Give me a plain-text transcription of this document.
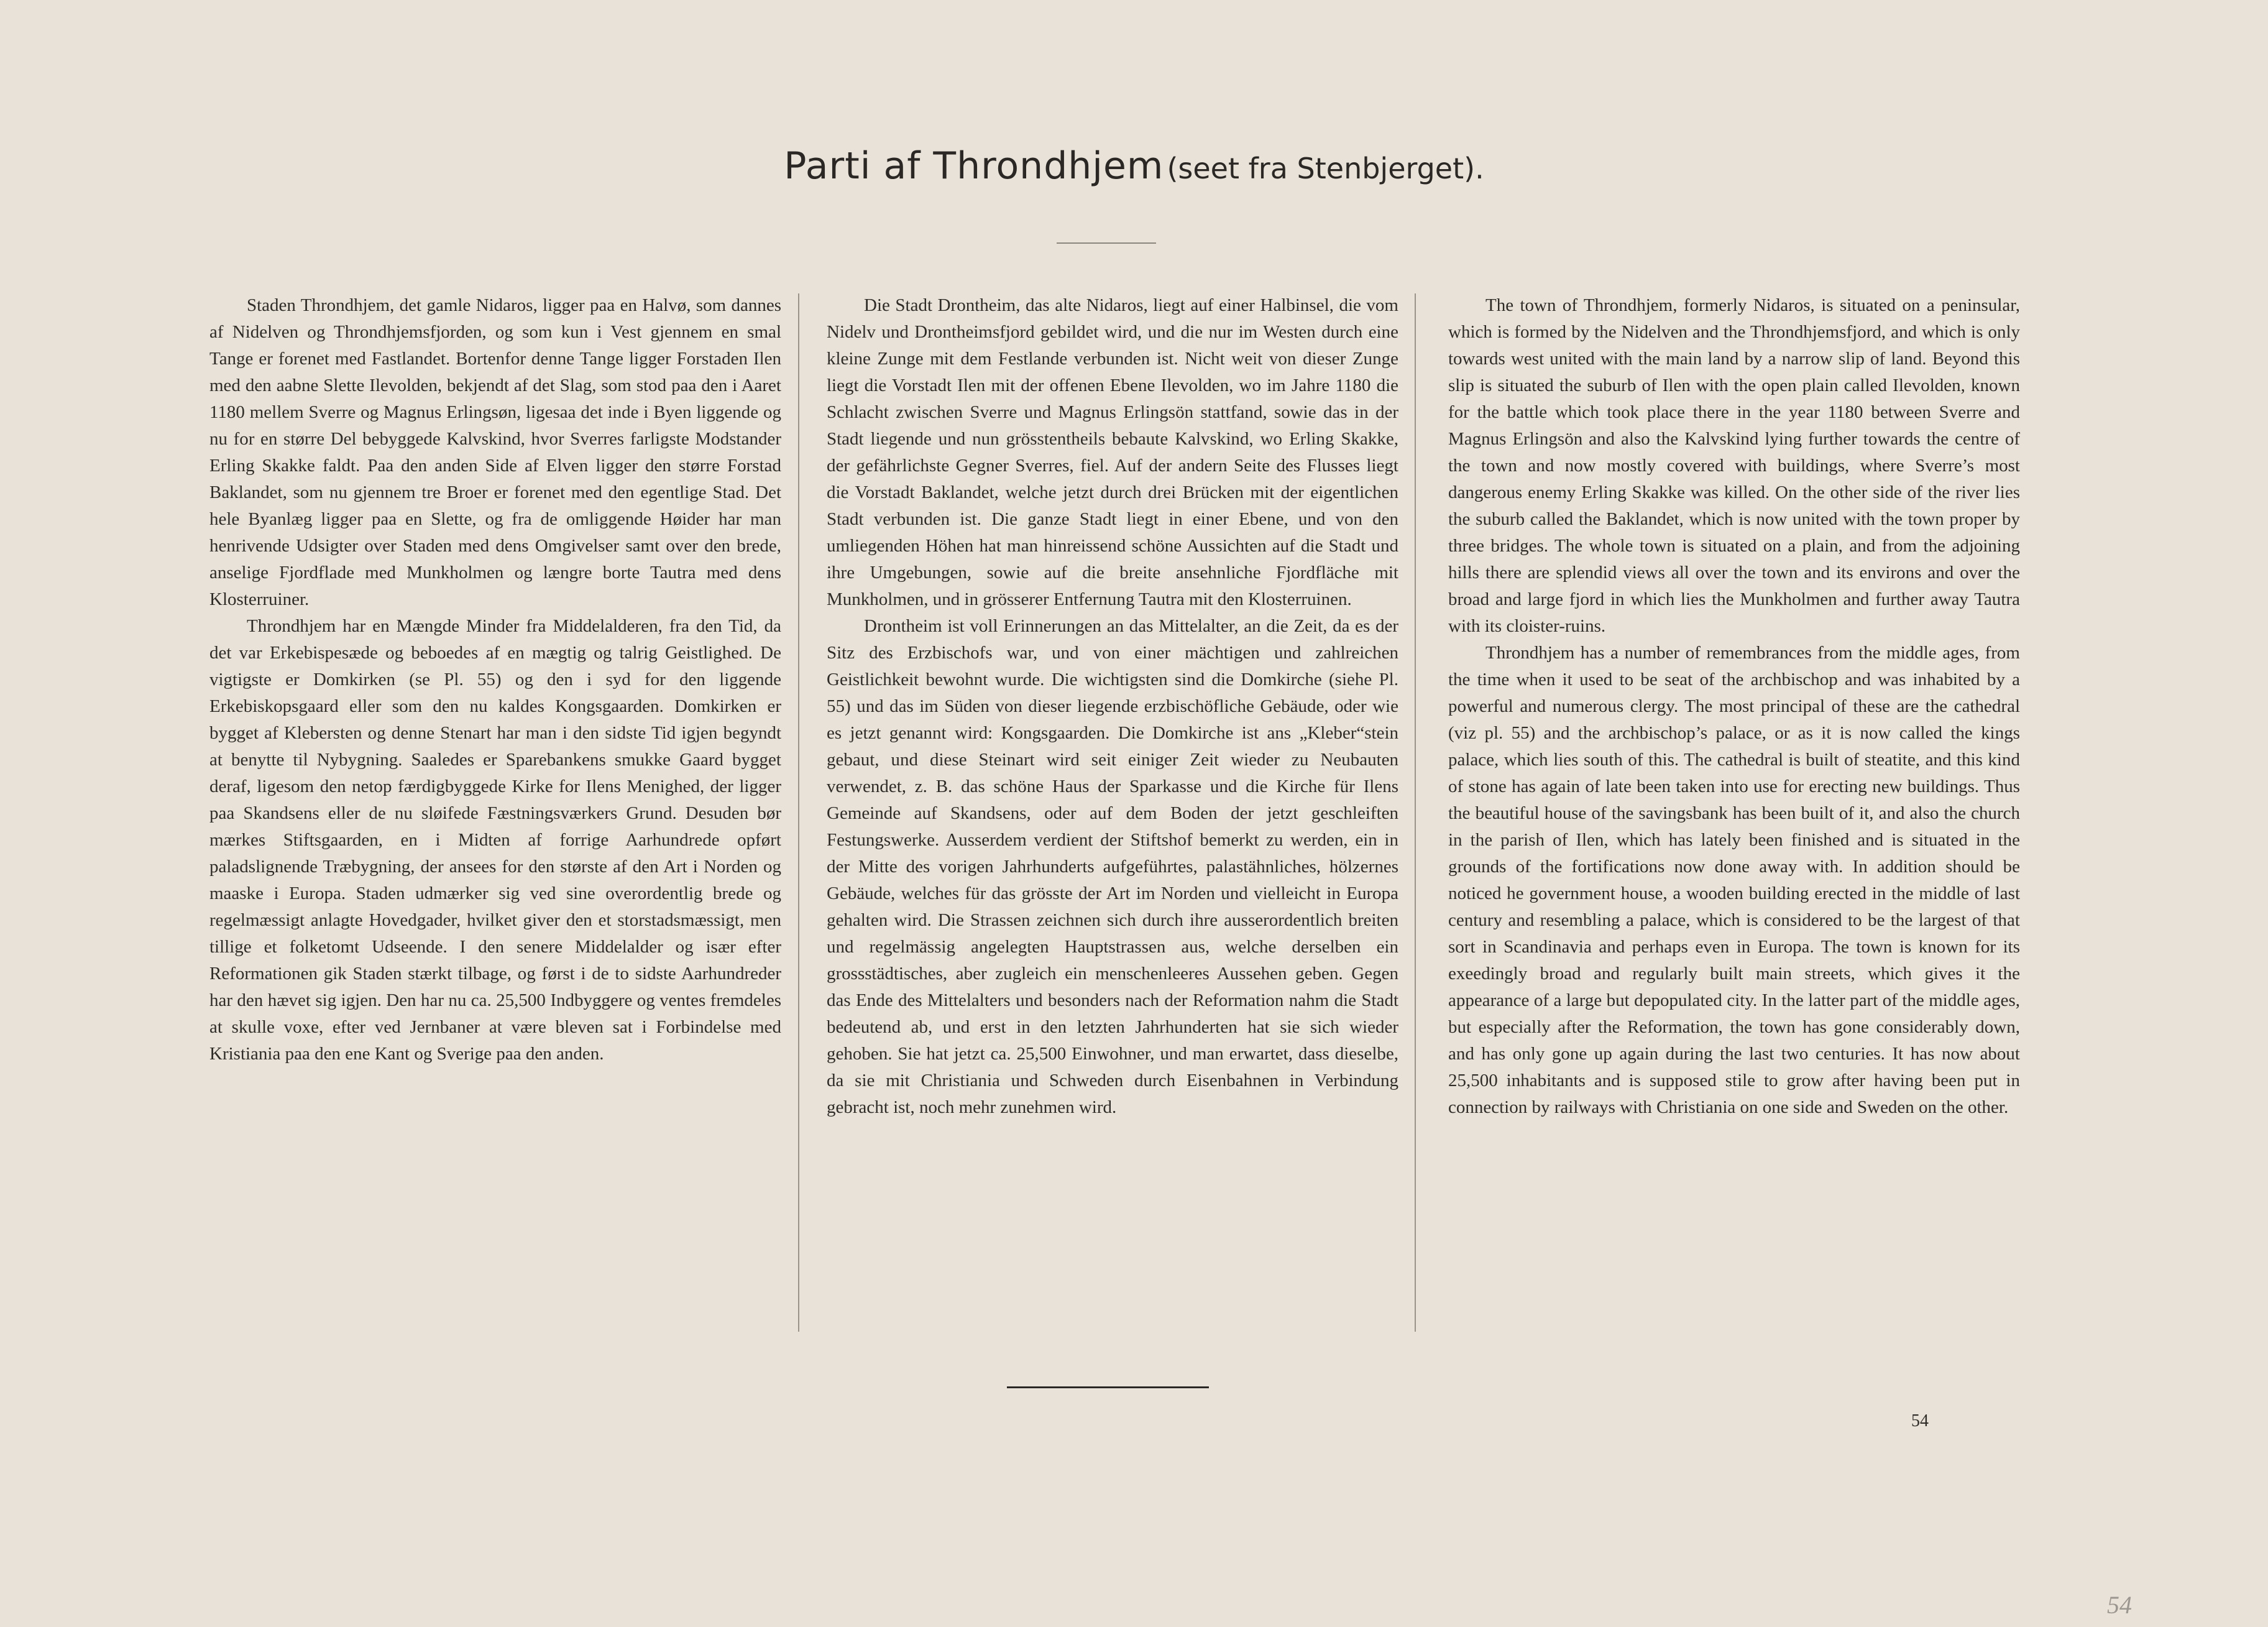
Parti af Throndhjem (seet fra Stenbjerget).

Staden Throndhjem, det gamle Nidaros, ligger paa en Halvø, som dannes af Nidelven og Throndhjemsfjorden, og som kun i Vest gjennem en smal Tange er forenet med Fastlandet. Bortenfor denne Tange ligger Forstaden Ilen med den aabne Slette Ilevolden, bekjendt af det Slag, som stod paa den i Aaret 1180 mellem Sverre og Magnus Erlingsøn, ligesaa det inde i Byen liggende og nu for en større Del bebyggede Kalvskind, hvor Sverres farligste Modstander Erling Skakke faldt. Paa den anden Side af Elven ligger den større Forstad Baklandet, som nu gjennem tre Broer er forenet med den egentlige Stad. Det hele Byanlæg ligger paa en Slette, og fra de omliggende Høider har man henrivende Udsigter over Staden med dens Omgivelser samt over den brede, anselige Fjordflade med Munkholmen og længre borte Tautra med dens Klosterruiner.

Throndhjem har en Mængde Minder fra Middelalderen, fra den Tid, da det var Erkebispesæde og beboedes af en mægtig og talrig Geistlighed. De vigtigste er Domkirken (se Pl. 55) og den i syd for den liggende Erkebiskopsgaard eller som den nu kaldes Kongsgaarden. Domkirken er bygget af Klebersten og denne Stenart har man i den sidste Tid igjen begyndt at benytte til Nybygning. Saaledes er Sparebankens smukke Gaard bygget deraf, ligesom den netop færdigbyggede Kirke for Ilens Menighed, der ligger paa Skandsens eller de nu sløifede Fæstningsværkers Grund. Desuden bør mærkes Stiftsgaarden, en i Midten af forrige Aarhundrede opført paladslignende Træbygning, der ansees for den største af den Art i Norden og maaske i Europa. Staden udmærker sig ved sine overordentlig brede og regelmæssigt anlagte Hovedgader, hvilket giver den et storstadsmæssigt, men tillige et folketomt Udseende. I den senere Middelalder og især efter Reformationen gik Staden stærkt tilbage, og først i de to sidste Aarhundreder har den hævet sig igjen. Den har nu ca. 25,500 Indbyggere og ventes fremdeles at skulle voxe, efter ved Jernbaner at være bleven sat i Forbindelse med Kristiania paa den ene Kant og Sverige paa den anden.

Die Stadt Drontheim, das alte Nidaros, liegt auf einer Halbinsel, die vom Nidelv und Drontheimsfjord gebildet wird, und die nur im Westen durch eine kleine Zunge mit dem Festlande verbunden ist. Nicht weit von dieser Zunge liegt die Vorstadt Ilen mit der offenen Ebene Ilevolden, wo im Jahre 1180 die Schlacht zwischen Sverre und Magnus Erlingsön stattfand, sowie das in der Stadt liegende und nun grösstentheils bebaute Kalvskind, wo Erling Skakke, der gefährlichste Gegner Sverres, fiel. Auf der andern Seite des Flusses liegt die Vorstadt Baklandet, welche jetzt durch drei Brücken mit der eigentlichen Stadt verbunden ist. Die ganze Stadt liegt in einer Ebene, und von den umliegenden Höhen hat man hinreissend schöne Aussichten auf die Stadt und ihre Umgebungen, sowie auf die breite ansehnliche Fjordfläche mit Munkholmen, und in grösserer Entfernung Tautra mit den Klosterruinen.

Drontheim ist voll Erinnerungen an das Mittelalter, an die Zeit, da es der Sitz des Erzbischofs war, und von einer mächtigen und zahlreichen Geistlichkeit bewohnt wurde. Die wichtigsten sind die Domkirche (siehe Pl. 55) und das im Süden von dieser liegende erzbischöfliche Gebäude, oder wie es jetzt genannt wird: Kongsgaarden. Die Domkirche ist ans „Kleber“stein gebaut, und diese Steinart wird seit einiger Zeit wieder zu Neubauten verwendet, z. B. das schöne Haus der Sparkasse und die Kirche für Ilens Gemeinde auf Skandsens, oder auf dem Boden der jetzt geschleiften Festungswerke. Ausserdem verdient der Stiftshof bemerkt zu werden, ein in der Mitte des vorigen Jahrhunderts aufgeführtes, palastähnliches, hölzernes Gebäude, welches für das grösste der Art im Norden und vielleicht in Europa gehalten wird. Die Strassen zeichnen sich durch ihre ausserordentlich breiten und regelmässig angelegten Hauptstrassen aus, welche derselben ein grossstädtisches, aber zugleich ein menschenleeres Aussehen geben. Gegen das Ende des Mittelalters und besonders nach der Reformation nahm die Stadt bedeutend ab, und erst in den letzten Jahrhunderten hat sie sich wieder gehoben. Sie hat jetzt ca. 25,500 Einwohner, und man erwartet, dass dieselbe, da sie mit Christiania und Schweden durch Eisenbahnen in Verbindung gebracht ist, noch mehr zunehmen wird.

The town of Throndhjem, formerly Nidaros, is situated on a peninsular, which is formed by the Nidelven and the Throndhjemsfjord, and which is only towards west united with the main land by a narrow slip of land. Beyond this slip is situated the suburb of Ilen with the open plain called Ilevolden, known for the battle which took place there in the year 1180 between Sverre and Magnus Erlingsön and also the Kalvskind lying further towards the centre of the town and now mostly covered with buildings, where Sverre’s most dangerous enemy Erling Skakke was killed. On the other side of the river lies the suburb called the Baklandet, which is now united with the town proper by three bridges. The whole town is situated on a plain, and from the adjoining hills there are splendid views all over the town and its environs and over the broad and large fjord in which lies the Munkholmen and further away Tautra with its cloister-ruins.

Throndhjem has a number of remembrances from the middle ages, from the time when it used to be seat of the archbischop and was inhabited by a powerful and numerous clergy. The most principal of these are the cathedral (viz pl. 55) and the archbischop’s palace, or as it is now called the kings palace, which lies south of this. The cathedral is built of steatite, and this kind of stone has again of late been taken into use for erecting new buildings. Thus the beautiful house of the savingsbank has been built of it, and also the church in the parish of Ilen, which has lately been finished and is situated in the grounds of the fortifications now done away with. In addition should be noticed he government house, a wooden building erected in the middle of last century and resembling a palace, which is considered to be the largest of that sort in Scandinavia and perhaps even in Europa. The town is known for its exeedingly broad and regularly built main streets, which gives it the appearance of a large but depopulated city. In the latter part of the middle ages, but especially after the Reformation, the town has gone considerably down, and has only gone up again during the last two centuries. It has now about 25,500 inhabitants and is supposed stile to grow after having been put in connection by railways with Christiania on one side and Sweden on the other.

54
54
